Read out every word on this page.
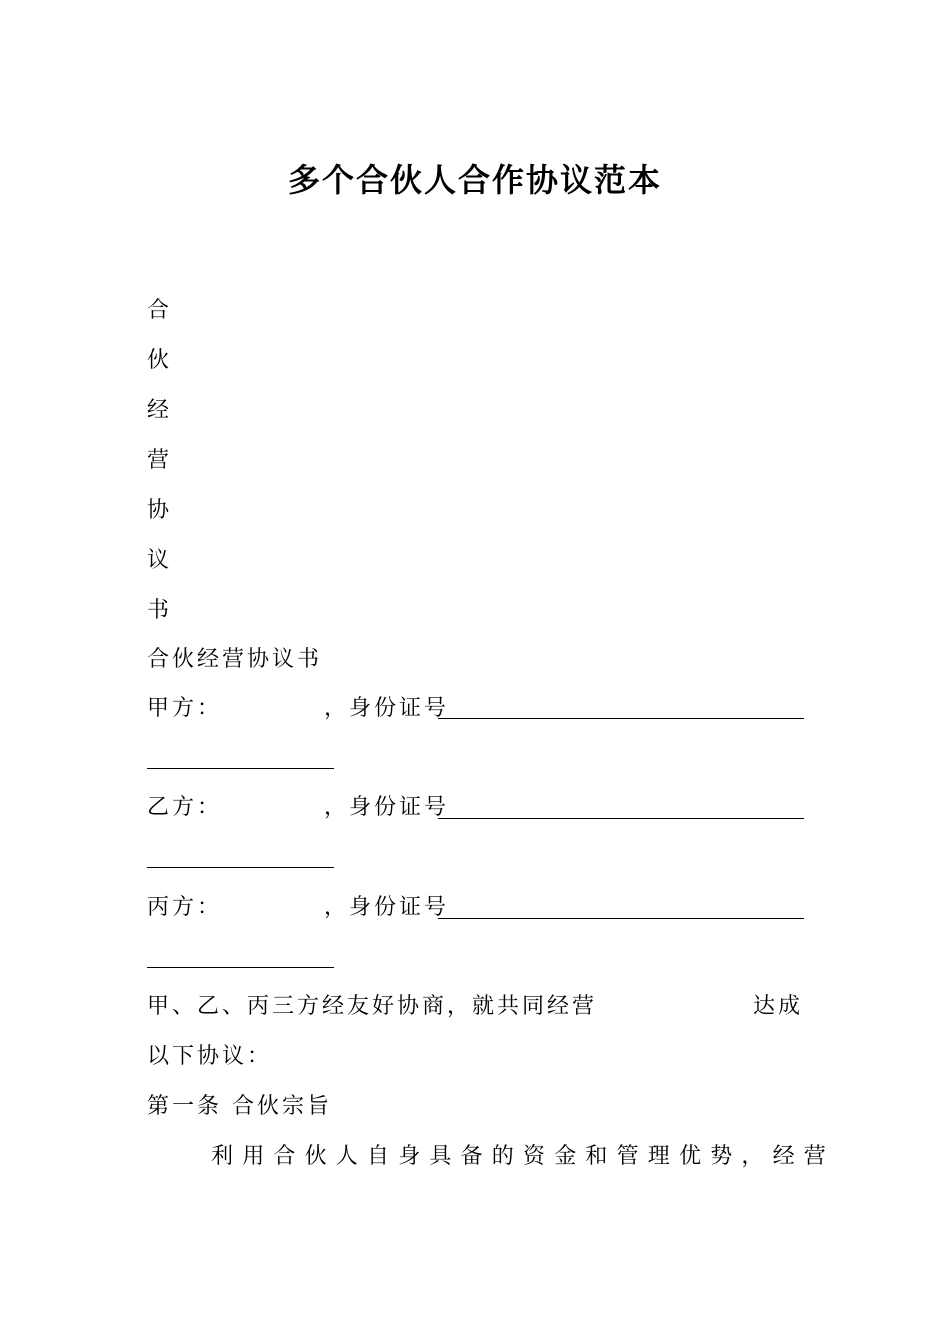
多个合伙人合作协议范本
合
伙
经
营
协
议
书
合伙经营协议书
甲方：	，身份证号
乙方：	，身份证号
丙方：	，身份证号
甲、乙、丙三方经友好协商，就共同经营	达成
以下协议：
第一条 合伙宗旨
利用合伙人自身具备的资金和管理优势，经营
